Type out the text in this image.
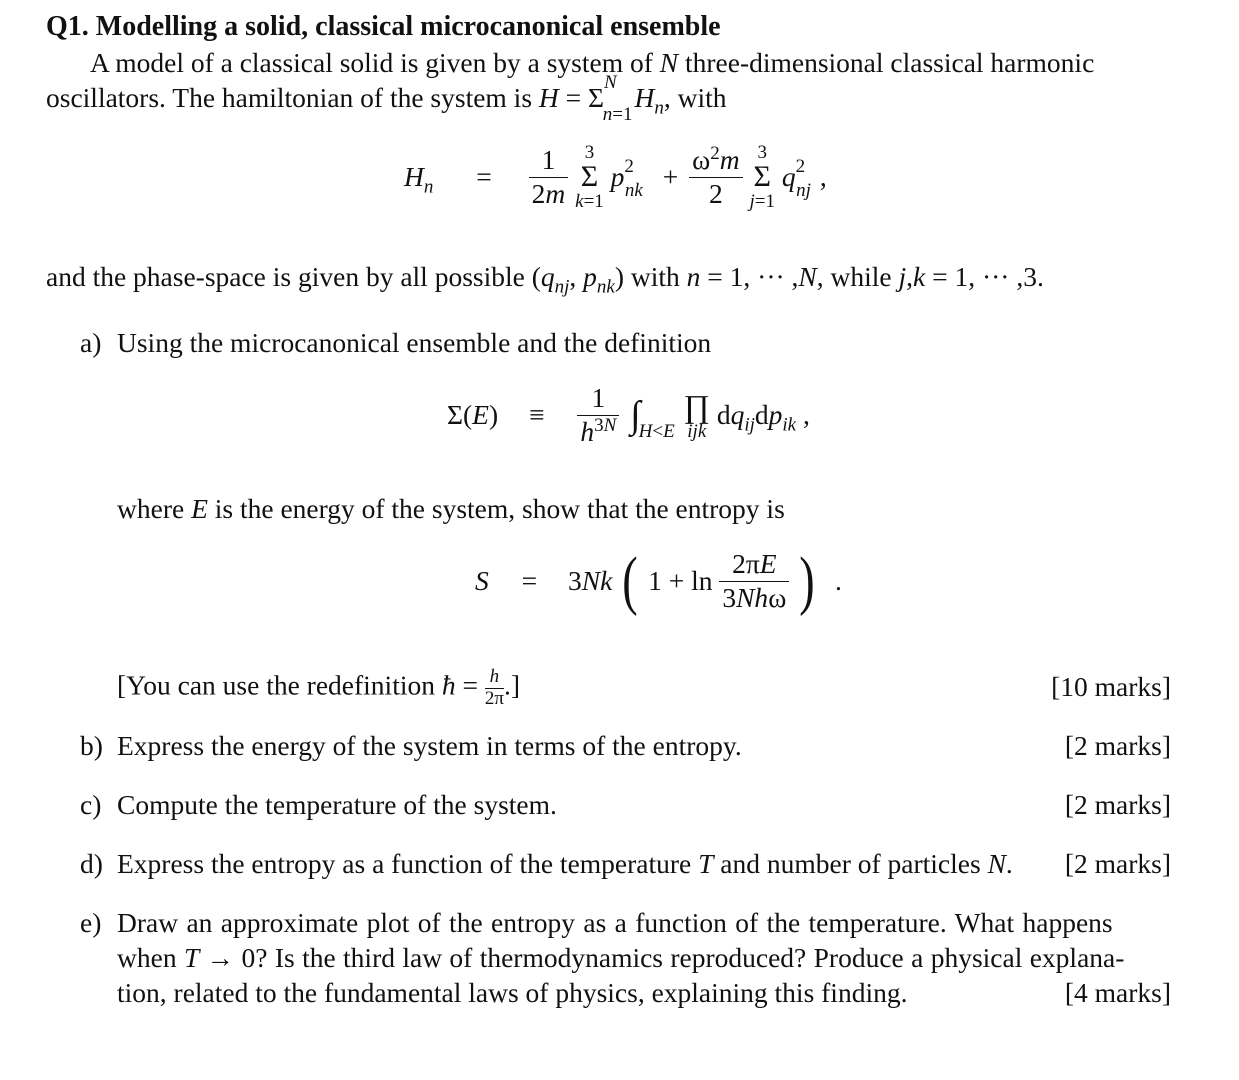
Q1. Modelling a solid, classical microcanonical ensemble
A model of a classical solid is given by a system of N three-dimensional classical harmonic
oscillators. The hamiltonian of the system is $H = \Sigma^N_{n=1}H_n$, with
$H_n = \frac{1}{2m}$
3
Σ
k=1
$p^2_{nk} + \frac{\omega^2m}{2}$
3
Σ
j=1
$q^2_{nj}$ ,
and the phase-space is given by all possible ($q_{nj}$, $p_{nk}$) with n = 1, ··· ,N, while j,k = 1, ··· ,3.
a) Using the microcanonical ensemble and the definition
$\Sigma(E) \equiv \frac{1}{h^{3N}} \int H<E$
∏
ijk
$dq_{ij}dp_{ik}$ ,
where E is the energy of the system, show that the entropy is
S = 3Nk ( $1 + \ln \frac{2\pi E}{\text{3Nhω}}$ ) .
[You can use the redefinition ħ = $\frac{h}{2\pi}$ .]	[10 marks]
b) Express the energy of the system in terms of the entropy.	[2 marks]
c) Compute the temperature of the system.	[2 marks]
d) Express the entropy as a function of the temperature T and number of particles N. [2 marks]
e) Draw an approximate plot of the entropy as a function of the temperature. What happens
when T → 0? Is the third law of thermodynamics reproduced? Produce a physical explana-
tion, related to the fundamental laws of physics, explaining this finding.	[4 marks]
